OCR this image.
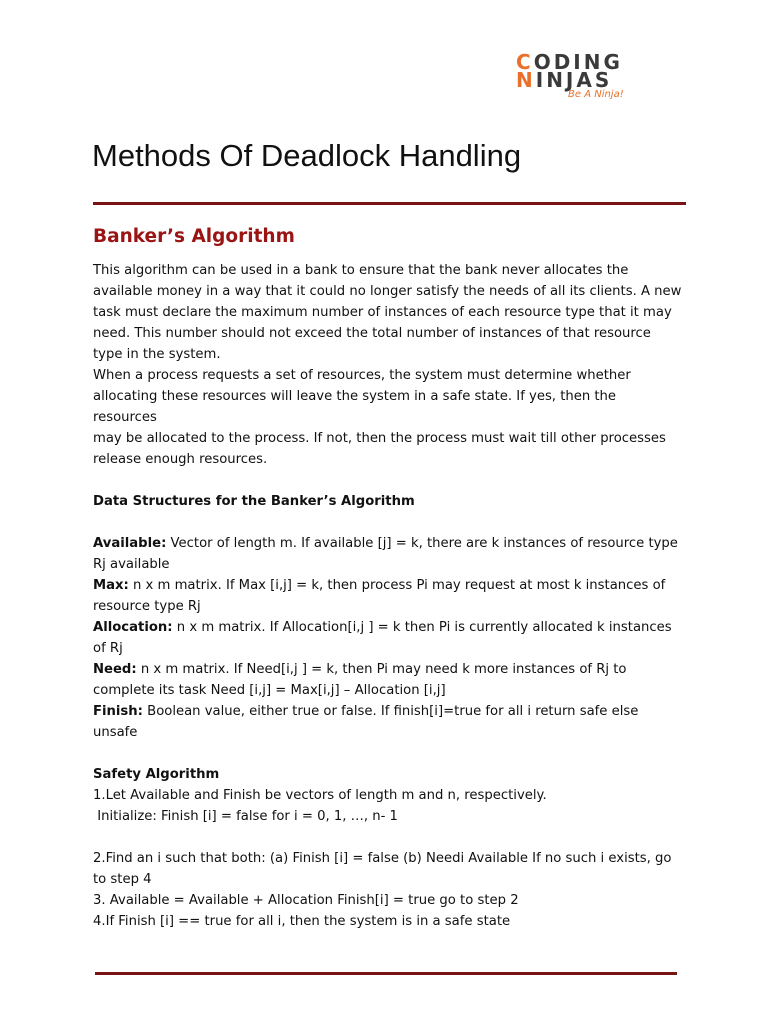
CODING
NINJAS
Be A Ninja!
Methods Of Deadlock Handling
Banker’s Algorithm

This algorithm can be used in a bank to ensure that the bank never allocates the

available money in a way that it could no longer satisfy the needs of all its clients. A new

task must declare the maximum number of instances of each resource type that it may

need. This number should not exceed the total number of instances of that resource

type in the system.

When a process requests a set of resources, the system must determine whether

allocating these resources will leave the system in a safe state. If yes, then the resources

may be allocated to the process. If not, then the process must wait till other processes

release enough resources.

Data Structures for the Banker’s Algorithm

Available: Vector of length m. If available [j] = k, there are k instances of resource type

Rj available

Max: n x m matrix. If Max [i,j] = k, then process Pi may request at most k instances of

resource type Rj

Allocation: n x m matrix. If Allocation[i,j ] = k then Pi is currently allocated k instances

of Rj

Need: n x m matrix. If Need[i,j ] = k, then Pi may need k more instances of Rj to

complete its task Need [i,j] = Max[i,j] – Allocation [i,j]

Finish: Boolean value, either true or false. If finish[i]=true for all i return safe else unsafe

Safety Algorithm

1.Let Available and Finish be vectors of length m and n, respectively.

Initialize: Finish [i] = false for i = 0, 1, …, n- 1

2.Find an i such that both: (a) Finish [i] = false (b) Needi Available If no such i exists, go

to step 4

3. Available = Available + Allocation Finish[i] = true go to step 2

4.If Finish [i] == true for all i, then the system is in a safe state
